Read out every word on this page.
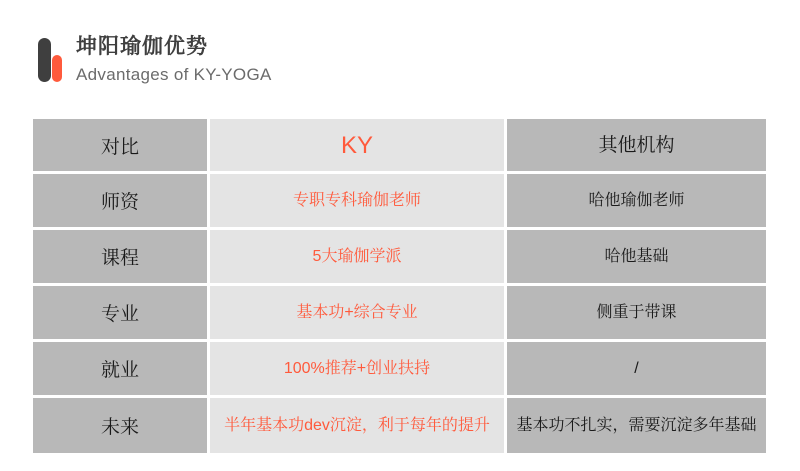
坤阳瑜伽优势
Advantages of KY-YOGA
对比	KY	其他机构
师资	专职专科瑜伽老师	哈他瑜伽老师
课程	5大瑜伽学派	哈他基础
专业	基本功+综合专业	侧重于带课
就业	100%推荐+创业扶持	/
未来	半年基本功dev沉淀，利于每年的提升	基本功不扎实，需要沉淀多年基础
